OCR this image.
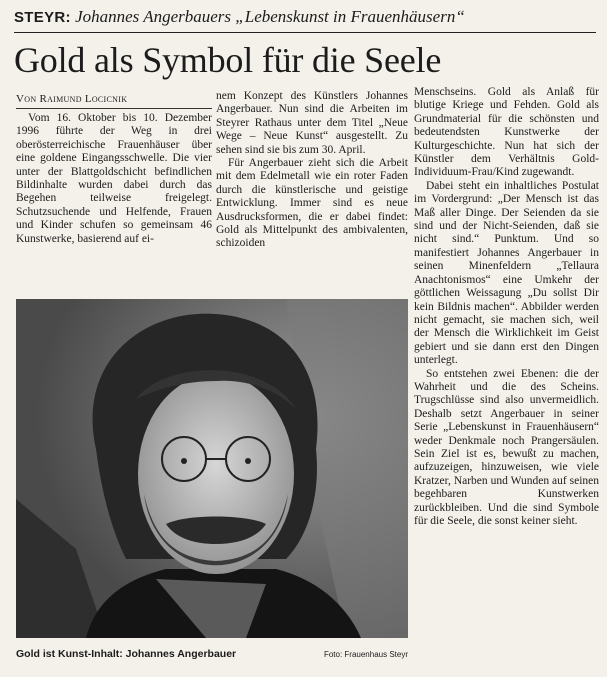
STEYR: Johannes Angerbauers „Lebenskunst in Frauenhäusern“
Gold als Symbol für die Seele
Von Raimund Locicnik

Vom 16. Oktober bis 10. Dezember 1996 führte der Weg in drei oberösterreichische Frauenhäuser über eine goldene Eingangsschwelle. Die vier unter der Blattgoldschicht befindlichen Bildinhalte wurden dabei durch das Begehen teilweise freigelegt. Schutzsuchende und Helfende, Frauen und Kinder schufen so gemeinsam 46 Kunstwerke, basierend auf ei-

nem Konzept des Künstlers Johannes Angerbauer. Nun sind die Arbeiten im Steyrer Rathaus unter dem Titel „Neue Wege – Neue Kunst“ ausgestellt. Zu sehen sind sie bis zum 30. April.

Für Angerbauer zieht sich die Arbeit mit dem Edelmetall wie ein roter Faden durch die künstlerische und geistige Entwicklung. Immer sind es neue Ausdrucksformen, die er dabei findet: Gold als Mittelpunkt des ambivalenten, schizoiden

Menschseins. Gold als Anlaß für blutige Kriege und Fehden. Gold als Grundmaterial für die schönsten und bedeutendsten Kunstwerke der Kulturgeschichte. Nun hat sich der Künstler dem Verhältnis Gold-Individuum-Frau/Kind zugewandt.

Dabei steht ein inhaltliches Postulat im Vordergrund: „Der Mensch ist das Maß aller Dinge. Der Seienden da sie sind und der Nicht-Seienden, daß sie nicht sind.“ Punktum. Und so manifestiert Johannes Angerbauer in seinen Minenfeldern „Tellaura Anachtonismos“ eine Umkehr der göttlichen Weissagung „Du sollst Dir kein Bildnis machen“. Abbilder werden nicht gemacht, sie machen sich, weil der Mensch die Wirklichkeit im Geist gebiert und sie dann erst den Dingen unterlegt.

So entstehen zwei Ebenen: die der Wahrheit und die des Scheins. Trugschlüsse sind also unvermeidlich. Deshalb setzt Angerbauer in seiner Serie „Lebenskunst in Frauenhäusern“ weder Denkmale noch Prangersäulen. Sein Ziel ist es, bewußt zu machen, aufzuzeigen, hinzuweisen, wie viele Kratzer, Narben und Wunden auf seinen begehbaren Kunstwerken zurückbleiben. Und die sind Symbole für die Seele, die sonst keiner sieht.

Gold ist Kunst-Inhalt: Johannes Angerbauer	Foto: Frauenhaus Steyr
